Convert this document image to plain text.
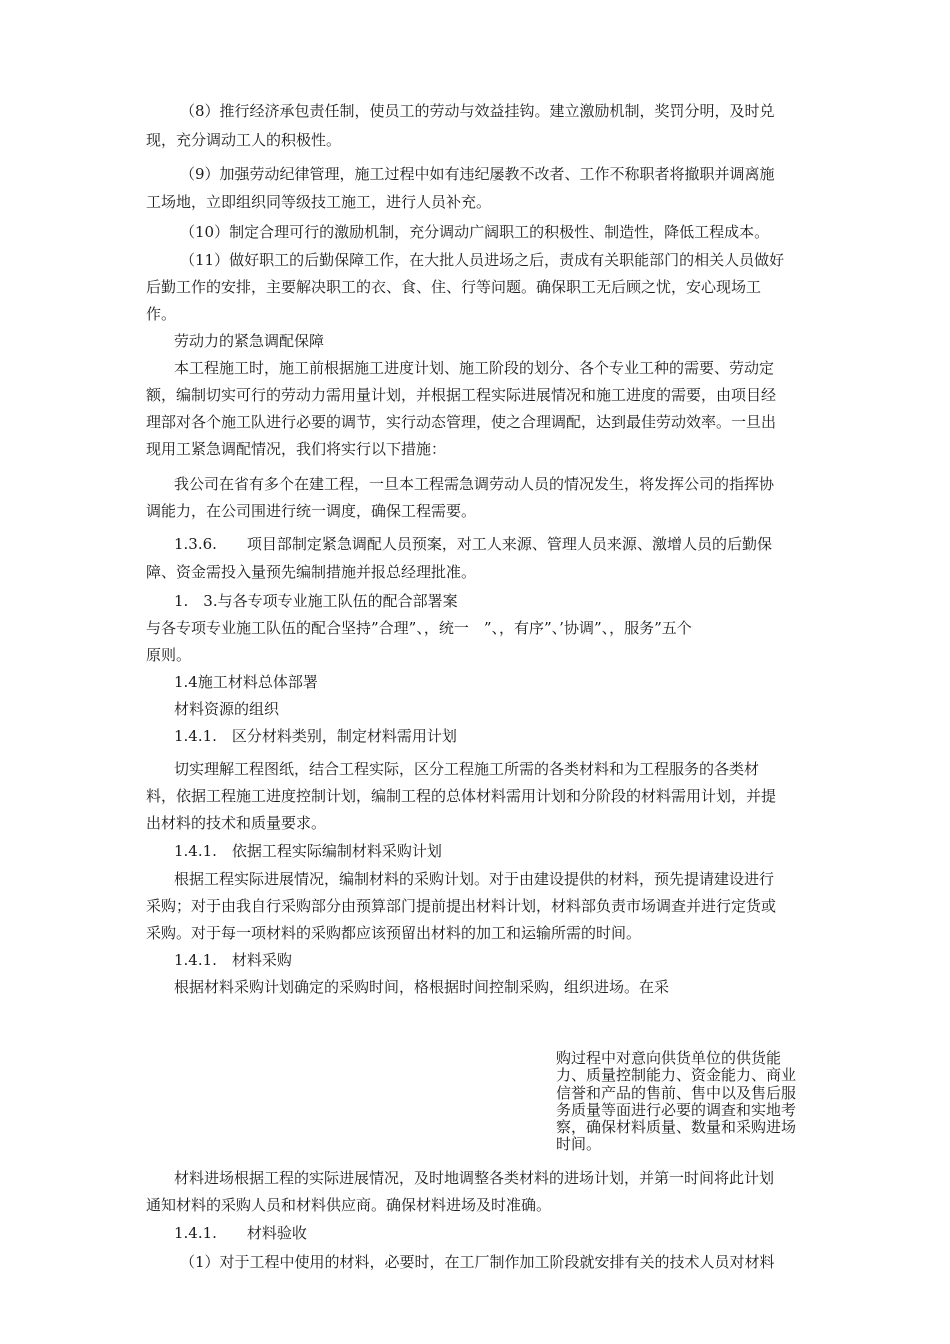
（8）推行经济承包责任制，使员工的劳动与效益挂钩。建立激励机制，奖罚分明，及时兑
现，充分调动工人的积极性。
（9）加强劳动纪律管理，施工过程中如有违纪屡教不改者、工作不称职者将撤职并调离施
工场地，立即组织同等级技工施工，进行人员补充。
（10）制定合理可行的激励机制，充分调动广阔职工的积极性、制造性，降低工程成本。
（11）做好职工的后勤保障工作，在大批人员进场之后，责成有关职能部门的相关人员做好
后勤工作的安排，主要解决职工的衣、食、住、行等问题。确保职工无后顾之忧，安心现场工
作。
劳动力的紧急调配保障
本工程施工时，施工前根据施工进度计划、施工阶段的划分、各个专业工种的需要、劳动定
额，编制切实可行的劳动力需用量计划，并根据工程实际进展情况和施工进度的需要，由项目经
理部对各个施工队进行必要的调节，实行动态管理，使之合理调配，达到最佳劳动效率。一旦出
现用工紧急调配情况，我们将实行以下措施：
我公司在省有多个在建工程，一旦本工程需急调劳动人员的情况发生，将发挥公司的指挥协
调能力，在公司围进行统一调度，确保工程需要。
1.3.6.　　项目部制定紧急调配人员预案，对工人来源、管理人员来源、激增人员的后勤保
障、资金需投入量预先编制措施并报总经理批准。
1.　3.与各专项专业施工队伍的配合部署案
与各专项专业施工队伍的配合坚持”合理”、，统一　”、，有序”、’协调”、，服务”五个
原则。
1.4施工材料总体部署
材料资源的组织
1.4.1.　区分材料类别，制定材料需用计划
切实理解工程图纸，结合工程实际，区分工程施工所需的各类材料和为工程服务的各类材
料，依据工程施工进度控制计划，编制工程的总体材料需用计划和分阶段的材料需用计划，并提
出材料的技术和质量要求。
1.4.1.　依据工程实际编制材料采购计划
根据工程实际进展情况，编制材料的采购计划。对于由建设提供的材料，预先提请建设进行
采购；对于由我自行采购部分由预算部门提前提出材料计划，材料部负责市场调查并进行定货或
采购。对于每一项材料的采购都应该预留出材料的加工和运输所需的时间。
1.4.1.　材料采购
根据材料采购计划确定的采购时间，格根据时间控制采购，组织进场。在采
购过程中对意向供货单位的供货能
力、质量控制能力、资金能力、商业
信誉和产品的售前、售中以及售后服
务质量等面进行必要的调查和实地考
察，确保材料质量、数量和采购进场
时间。
材料进场根据工程的实际进展情况，及时地调整各类材料的进场计划，并第一时间将此计划
通知材料的采购人员和材料供应商。确保材料进场及时准确。
1.4.1.　　材料验收
（1）对于工程中使用的材料，必要时，在工厂制作加工阶段就安排有关的技术人员对材料
